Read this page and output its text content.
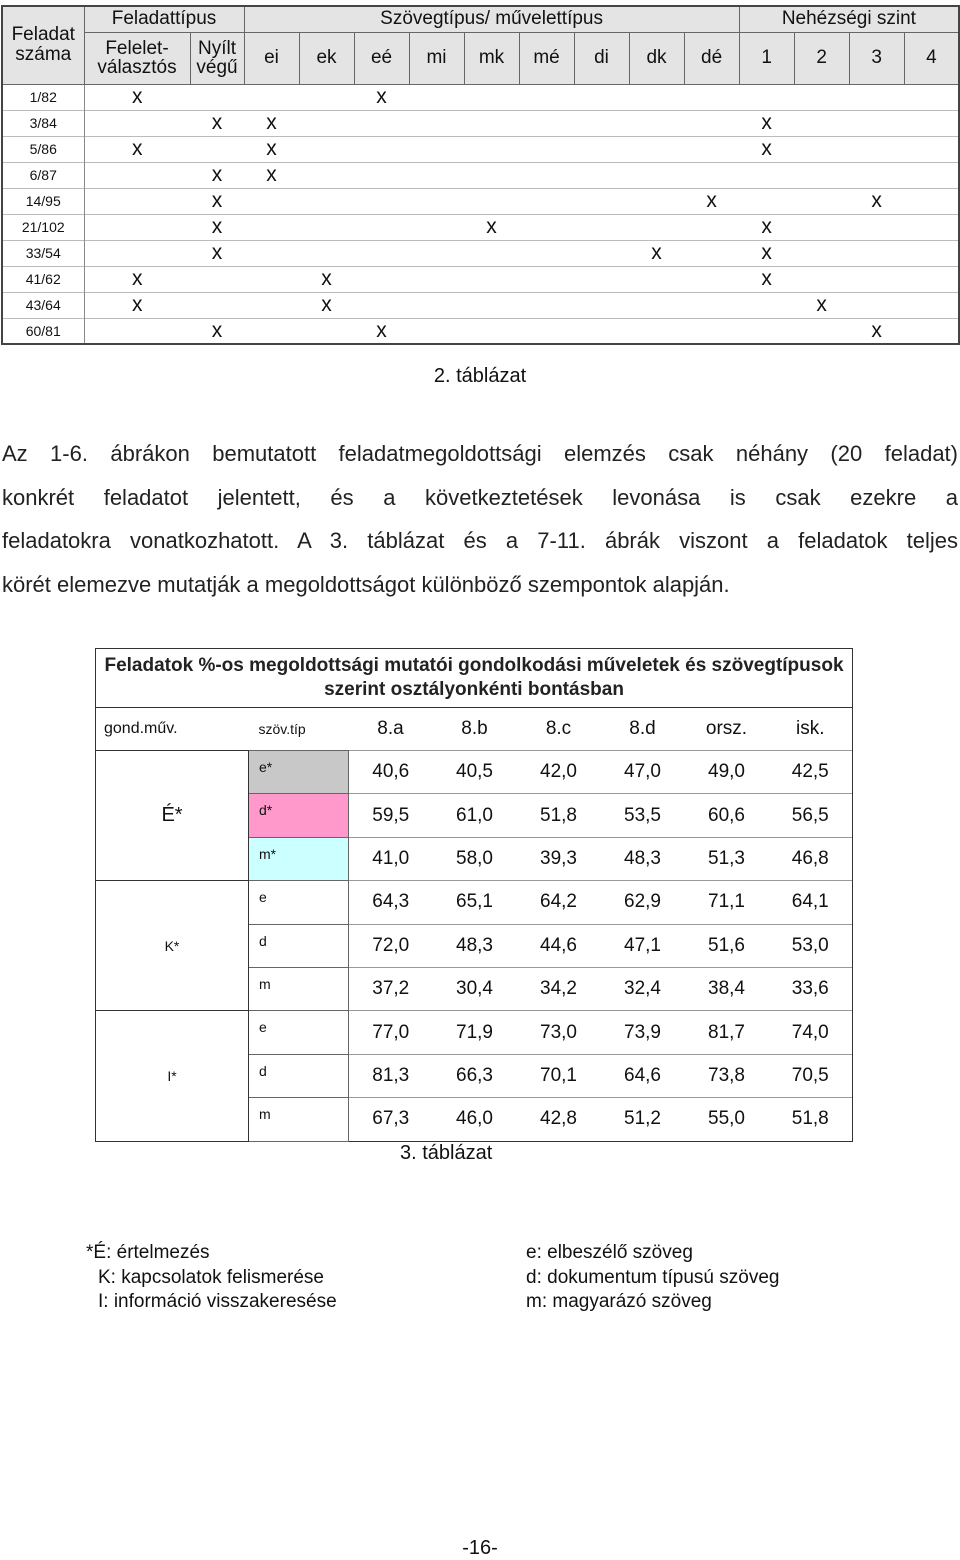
Feladat száma	Feladattípus		Szövegtípus/ művelettípus									Nehézségi szint			
	Felelet-választós	Nyílt végű	ei	ek	eé	mi	mk	mé	di	dk	dé	1	2	3	4
1/82	x				x										
3/84		x	x									x			
5/86	x		x									x			
6/87		x	x												
14/95		x									x			x	
21/102		x					x					x			
33/54		x								x		x			
41/62	x			x								x			
43/64	x			x									x		
60/81		x			x									x	
2. táblázat

Az 1-6. ábrákon bemutatott feladatmegoldottsági elemzés csak néhány (20 feladat)

konkrét feladatot jelentett, és a következtetések levonása is csak ezekre a

feladatokra vonatkozhatott. A 3. táblázat és a 7-11. ábrák viszont a feladatok teljes

körét elemezve mutatják a megoldottságot különböző szempontok alapján.

Feladatok %-os megoldottsági mutatói gondolkodási műveletek és szövegtípusok szerint osztályonkénti bontásban							
gond.műv.	szöv.típ	8.a	8.b	8.c	8.d	orsz.	isk.
É*	e*	40,6	40,5	42,0	47,0	49,0	42,5
	d*	59,5	61,0	51,8	53,5	60,6	56,5
	m*	41,0	58,0	39,3	48,3	51,3	46,8
K*	e	64,3	65,1	64,2	62,9	71,1	64,1
	d	72,0	48,3	44,6	47,1	51,6	53,0
	m	37,2	30,4	34,2	32,4	38,4	33,6
I*	e	77,0	71,9	73,0	73,9	81,7	74,0
	d	81,3	66,3	70,1	64,6	73,8	70,5
	m	67,3	46,0	42,8	51,2	55,0	51,8
3. táblázat
*É: értelmezés
K: kapcsolatok felismerése
I: információ visszakeresése
e: elbeszélő szöveg
d: dokumentum típusú szöveg
m: magyarázó szöveg
-16-
